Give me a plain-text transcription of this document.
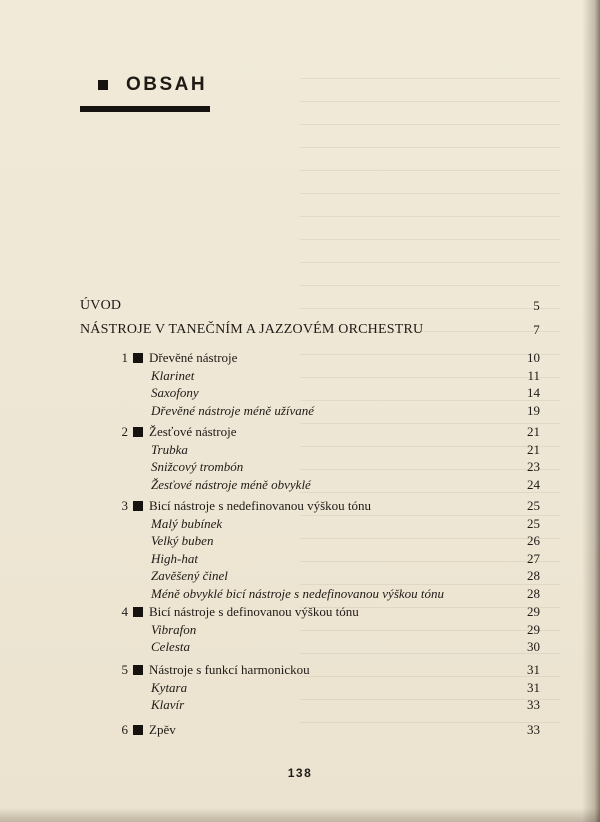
OBSAH
ÚVOD	5
NÁSTROJE V TANEČNÍM A JAZZOVÉM ORCHESTRU	7
1 Dřevěné nástroje	10
Klarinet	11
Saxofony	14
Dřevěné nástroje méně užívané	19
2 Žesťové nástroje	21
Trubka	21
Snižcový trombón	23
Žesťové nástroje méně obvyklé	24
3 Bicí nástroje s nedefinovanou výškou tónu	25
Malý bubínek	25
Velký buben	26
High-hat	27
Zavěšený činel	28
Méně obvyklé bicí nástroje s nedefinovanou výškou tónu	28
4 Bicí nástroje s definovanou výškou tónu	29
Vibrafon	29
Celesta	30
5 Nástroje s funkcí harmonickou	31
Kytara	31
Klavír	33
6 Zpěv	33
138
